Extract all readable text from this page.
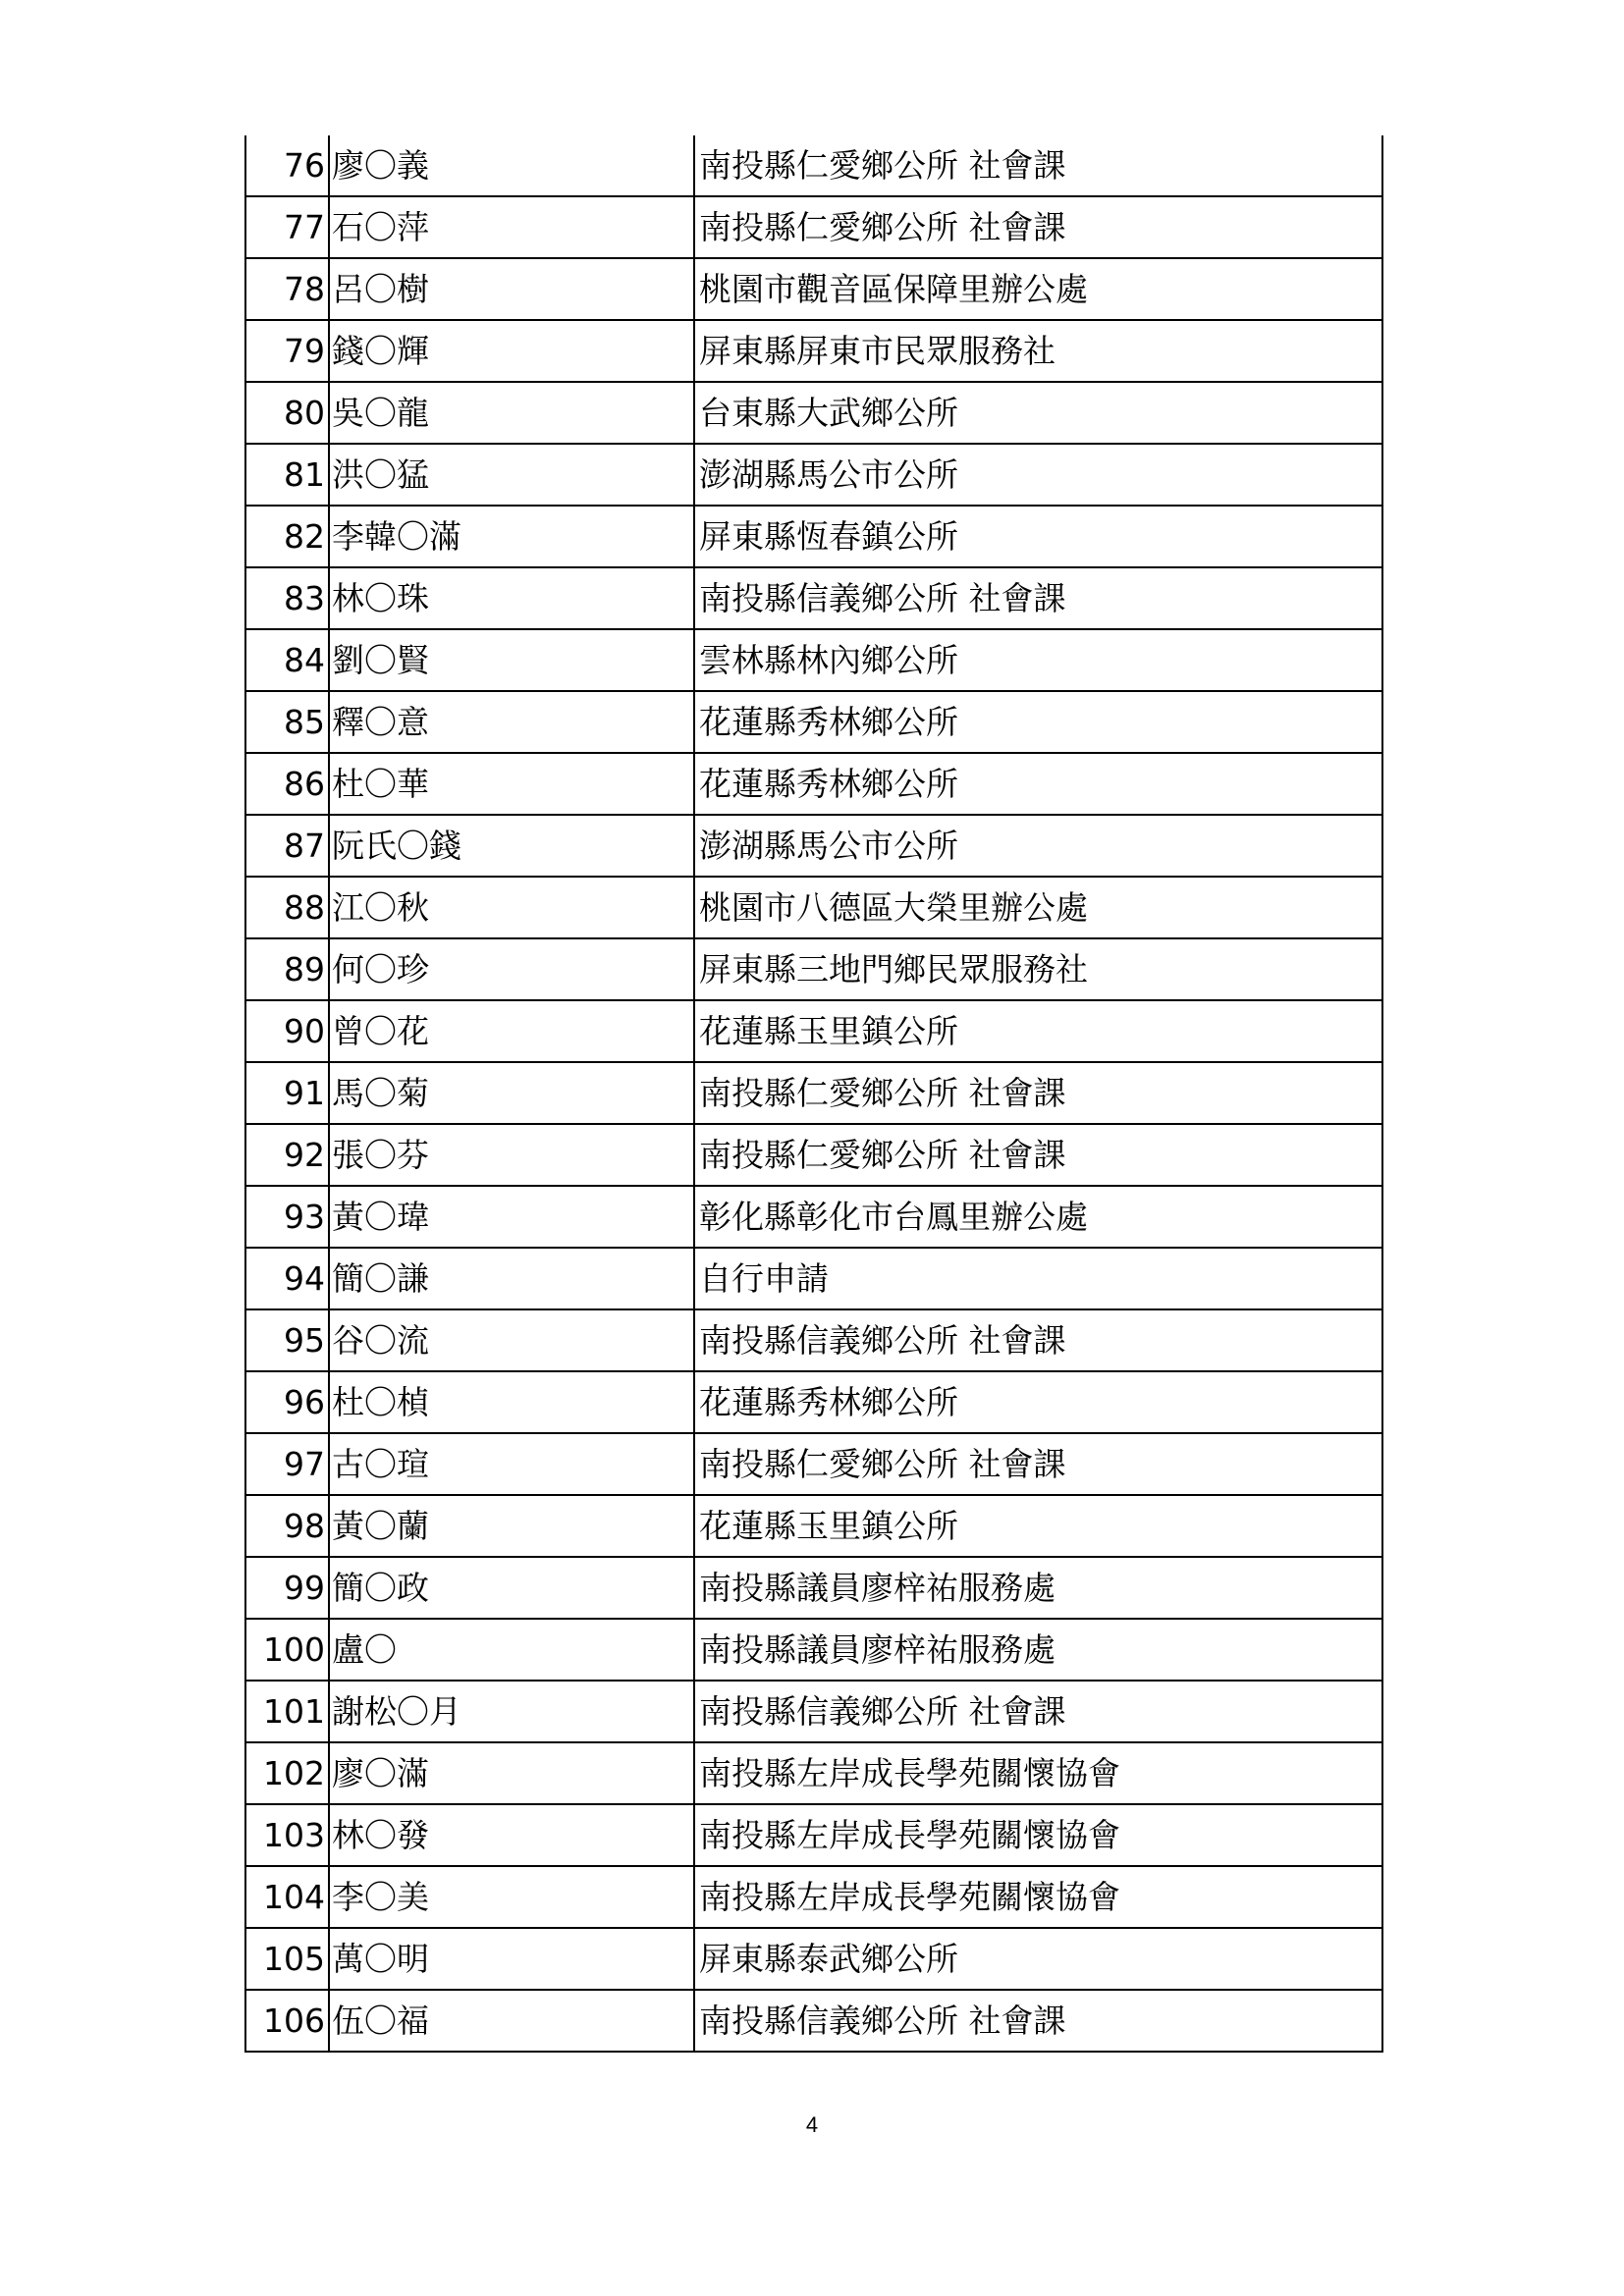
76	廖〇義	南投縣仁愛鄉公所 社會課
77	石〇萍	南投縣仁愛鄉公所 社會課
78	呂〇樹	桃園市觀音區保障里辦公處
79	錢〇輝	屏東縣屏東市民眾服務社
80	吳〇龍	台東縣大武鄉公所
81	洪〇猛	澎湖縣馬公市公所
82	李韓〇滿	屏東縣恆春鎮公所
83	林〇珠	南投縣信義鄉公所 社會課
84	劉〇賢	雲林縣林內鄉公所
85	釋〇意	花蓮縣秀林鄉公所
86	杜〇華	花蓮縣秀林鄉公所
87	阮氏〇錢	澎湖縣馬公市公所
88	江〇秋	桃園市八德區大榮里辦公處
89	何〇珍	屏東縣三地門鄉民眾服務社
90	曾〇花	花蓮縣玉里鎮公所
91	馬〇菊	南投縣仁愛鄉公所 社會課
92	張〇芬	南投縣仁愛鄉公所 社會課
93	黃〇瑋	彰化縣彰化市台鳳里辦公處
94	簡〇謙	自行申請
95	谷〇流	南投縣信義鄉公所 社會課
96	杜〇楨	花蓮縣秀林鄉公所
97	古〇瑄	南投縣仁愛鄉公所 社會課
98	黃〇蘭	花蓮縣玉里鎮公所
99	簡〇政	南投縣議員廖梓祐服務處
100	盧〇	南投縣議員廖梓祐服務處
101	謝松〇月	南投縣信義鄉公所 社會課
102	廖〇滿	南投縣左岸成長學苑關懷協會
103	林〇發	南投縣左岸成長學苑關懷協會
104	李〇美	南投縣左岸成長學苑關懷協會
105	萬〇明	屏東縣泰武鄉公所
106	伍〇福	南投縣信義鄉公所 社會課
4
